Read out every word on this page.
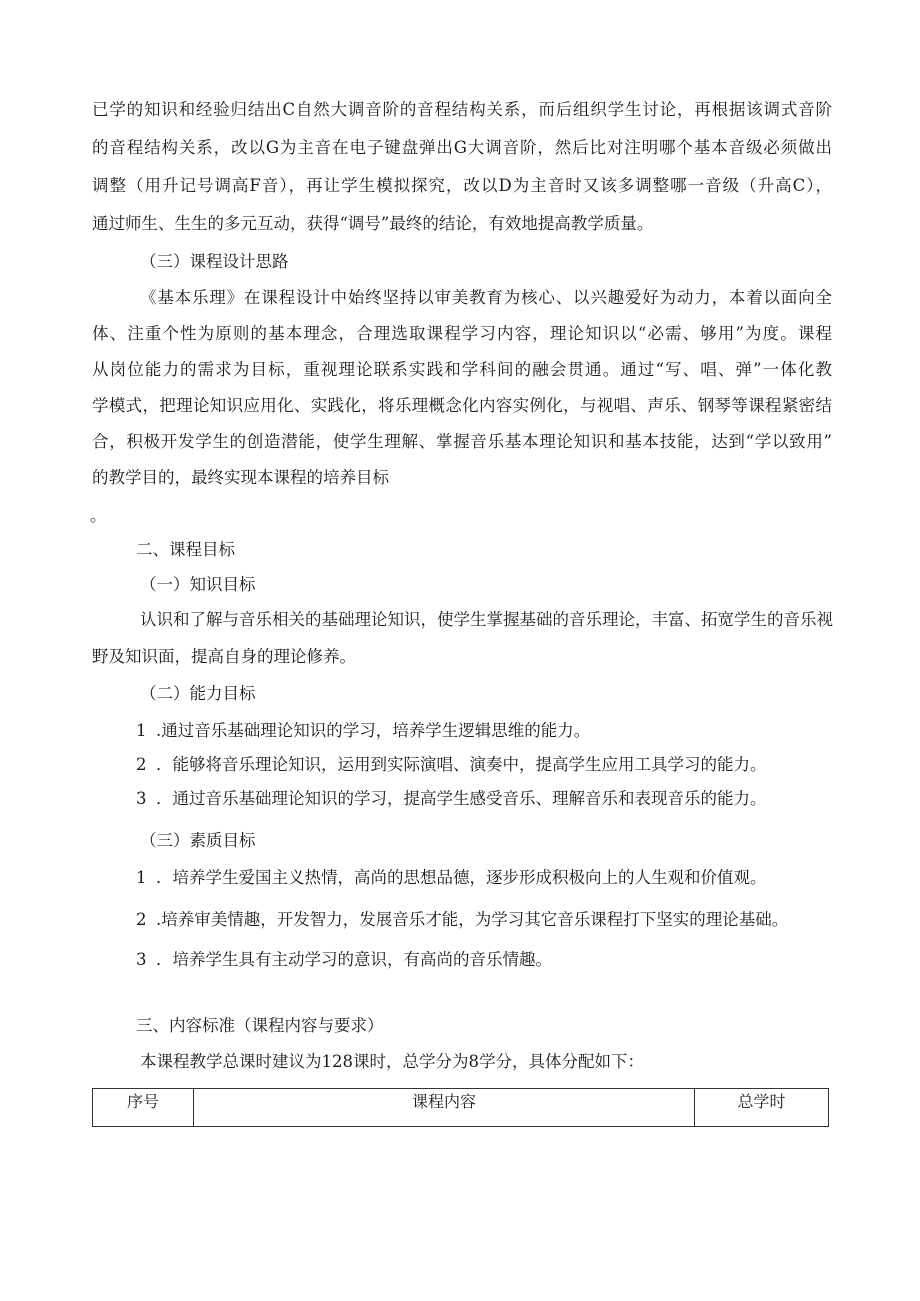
已学的知识和经验归结出C自然大调音阶的音程结构关系，而后组织学生讨论，再根据该调式音阶
的音程结构关系，改以G为主音在电子键盘弹出G大调音阶，然后比对注明哪个基本音级必须做出
调整（用升记号调高F音），再让学生模拟探究，改以D为主音时又该多调整哪一音级（升高C），
通过师生、生生的多元互动，获得“调号”最终的结论，有效地提高教学质量。
（三）课程设计思路
《基本乐理》在课程设计中始终坚持以审美教育为核心、以兴趣爱好为动力，本着以面向全
体、注重个性为原则的基本理念，合理选取课程学习内容，理论知识以“必需、够用”为度。课程
从岗位能力的需求为目标，重视理论联系实践和学科间的融会贯通。通过“写、唱、弹”一体化教
学模式，把理论知识应用化、实践化，将乐理概念化内容实例化，与视唱、声乐、钢琴等课程紧密结
合，积极开发学生的创造潜能，使学生理解、掌握音乐基本理论知识和基本技能，达到“学以致用”
的教学目的，最终实现本课程的培养目标
。
二、课程目标
（一）知识目标
认识和了解与音乐相关的基础理论知识，使学生掌握基础的音乐理论，丰富、拓宽学生的音乐视
野及知识面，提高自身的理论修养。
（二）能力目标
1 .通过音乐基础理论知识的学习，培养学生逻辑思维的能力。
2 ．能够将音乐理论知识，运用到实际演唱、演奏中，提高学生应用工具学习的能力。
3 ．通过音乐基础理论知识的学习，提高学生感受音乐、理解音乐和表现音乐的能力。
（三）素质目标
1 ．培养学生爱国主义热情，高尚的思想品德，逐步形成积极向上的人生观和价值观。
2 .培养审美情趣，开发智力，发展音乐才能，为学习其它音乐课程打下坚实的理论基础。
3 ．培养学生具有主动学习的意识，有高尚的音乐情趣。
三、内容标准（课程内容与要求）
本课程教学总课时建议为128课时，总学分为8学分，具体分配如下：
序号	课程内容	总学时
